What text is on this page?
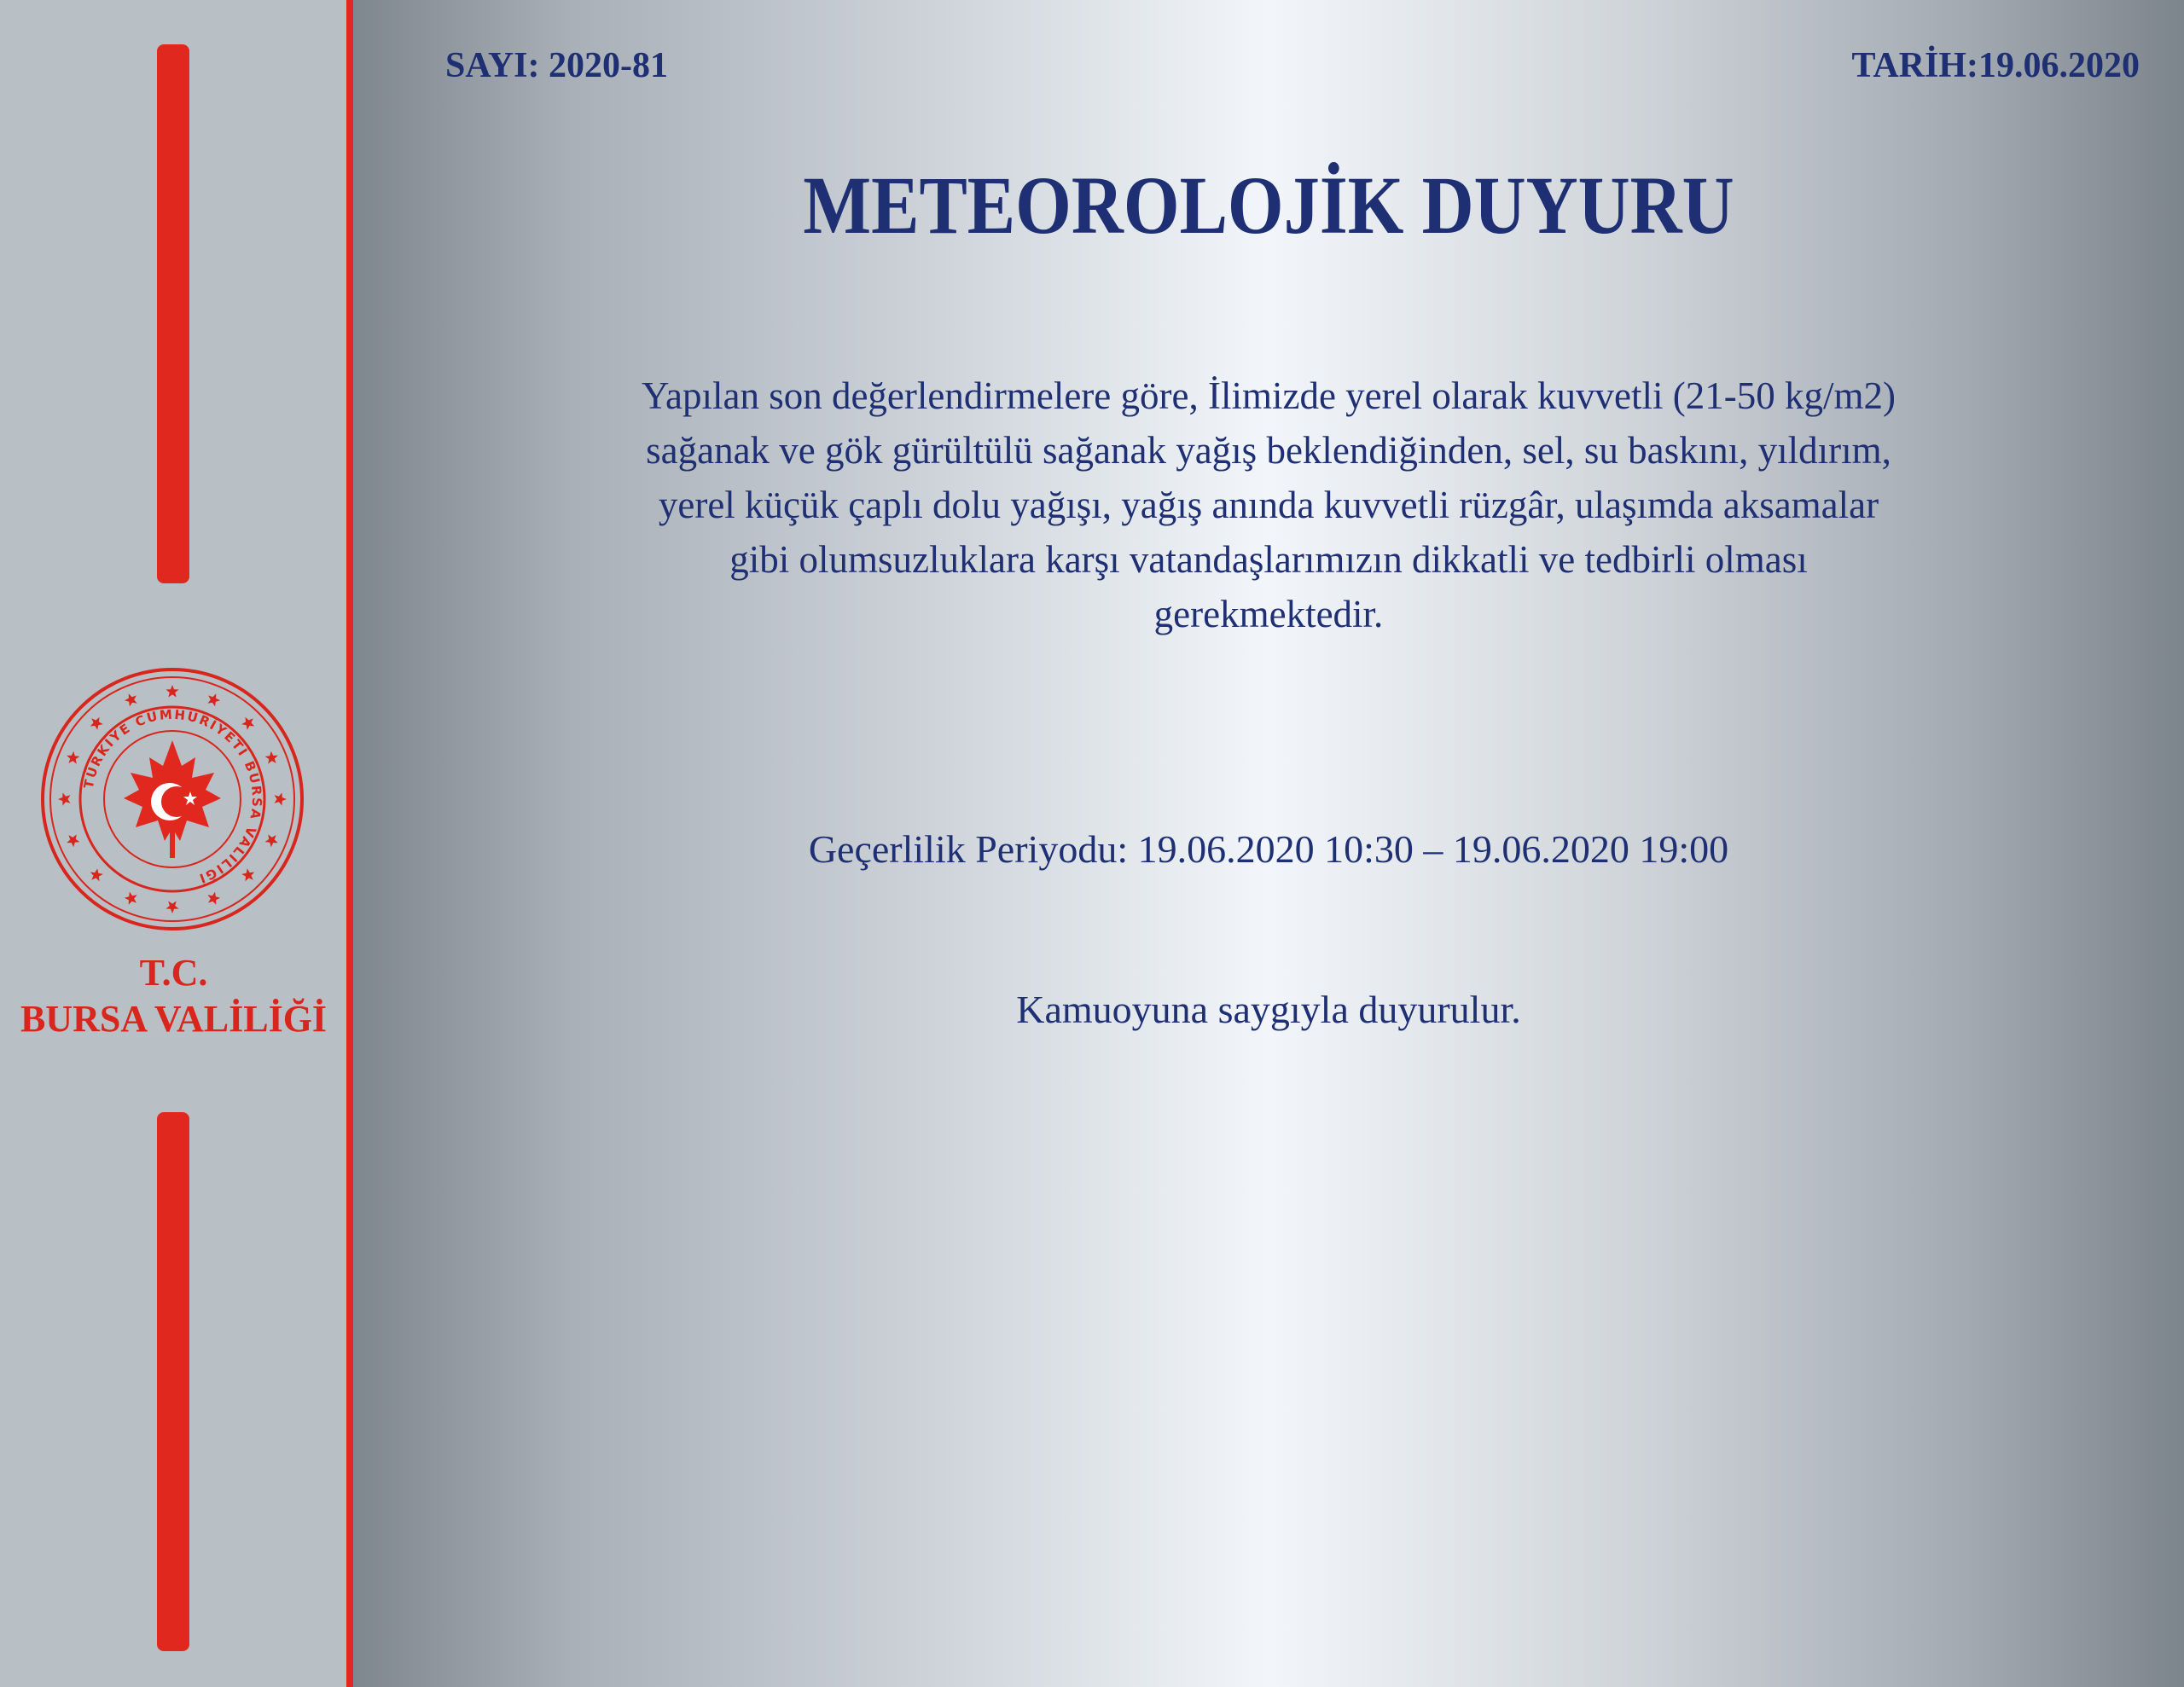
TÜRKİYE CUMHURİYETİ BURSA VALİLİĞİ
T.C.
BURSA VALİLİĞİ
SAYI: 2020-81	TARİH:19.06.2020
METEOROLOJİK DUYURU
Yapılan son değerlendirmelere göre, İlimizde yerel olarak kuvvetli (21-50 kg/m2)
sağanak ve gök gürültülü sağanak yağış beklendiğinden, sel, su baskını, yıldırım,
yerel küçük çaplı dolu yağışı, yağış anında kuvvetli rüzgâr, ulaşımda aksamalar
gibi olumsuzluklara karşı vatandaşlarımızın dikkatli ve tedbirli olması
gerekmektedir.
Geçerlilik Periyodu: 19.06.2020 10:30 – 19.06.2020 19:00
Kamuoyuna saygıyla duyurulur.
